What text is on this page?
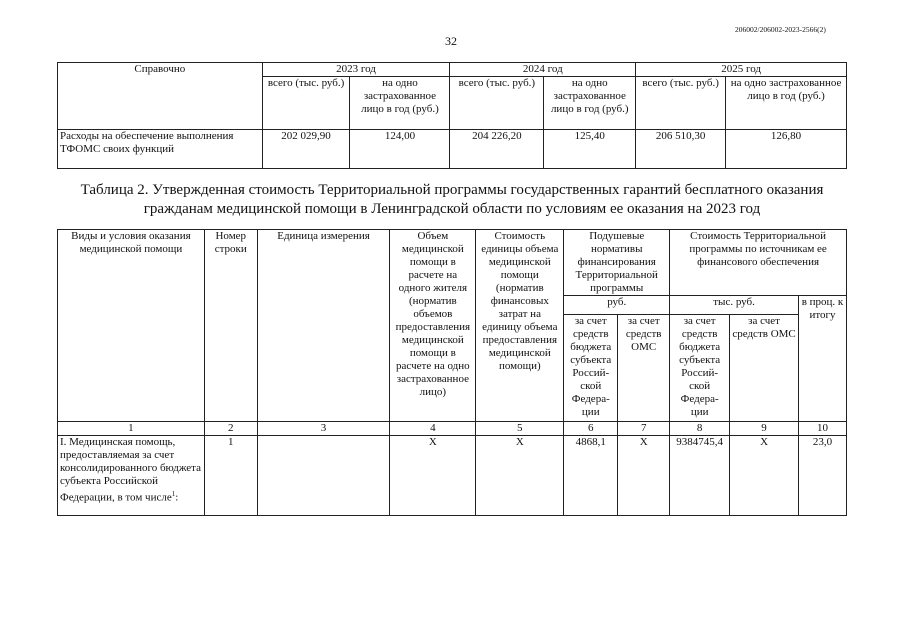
206002/206002-2023-2566(2)
32
Справочно	2023 год		2024 год		2025 год	
	всего (тыс. руб.)	на одно застрахованное лицо в год (руб.)	всего (тыс. руб.)	на одно застрахованное лицо в год (руб.)	всего (тыс. руб.)	на одно застрахованное лицо в год (руб.)
Расходы на обеспечение выполнения ТФОМС своих функций	202 029,90	124,00	204 226,20	125,40	206 510,30	126,80
Таблица 2. Утвержденная стоимость Территориальной программы государственных гарантий бесплатного оказания гражданам медицинской помощи в Ленинградской области по условиям ее оказания на 2023 год
Виды и условия оказания медицинской помощи	Номер строки	Единица измерения	Объем медицинской помощи в расчете на одного жителя (норматив объемов предоставления медицинской помощи в расчете на одно застрахованное лицо)	Стоимость единицы объема медицинской помощи (норматив финансовых затрат на единицу объема предоставления медицинской помощи)	Подушевые нормативы финансирования Территориальной программы		Стоимость Территориальной программы по источникам ее финансового обеспечения		
					руб.		тыс. руб.		в проц. к итогу
					за счет средств бюджета субъекта Россий-ской Федера-ции	за счет средств ОМС	за счет средств бюджета субъекта Россий-ской Федера-ции	за счет средств ОМС	
1	2	3	4	5	6	7	8	9	10
I. Медицинская помощь, предоставляемая за счет консолидированного бюджета субъекта Российской Федерации, в том числе$^1$:	1		X	X	4868,1	X	9384745,4	X	23,0
